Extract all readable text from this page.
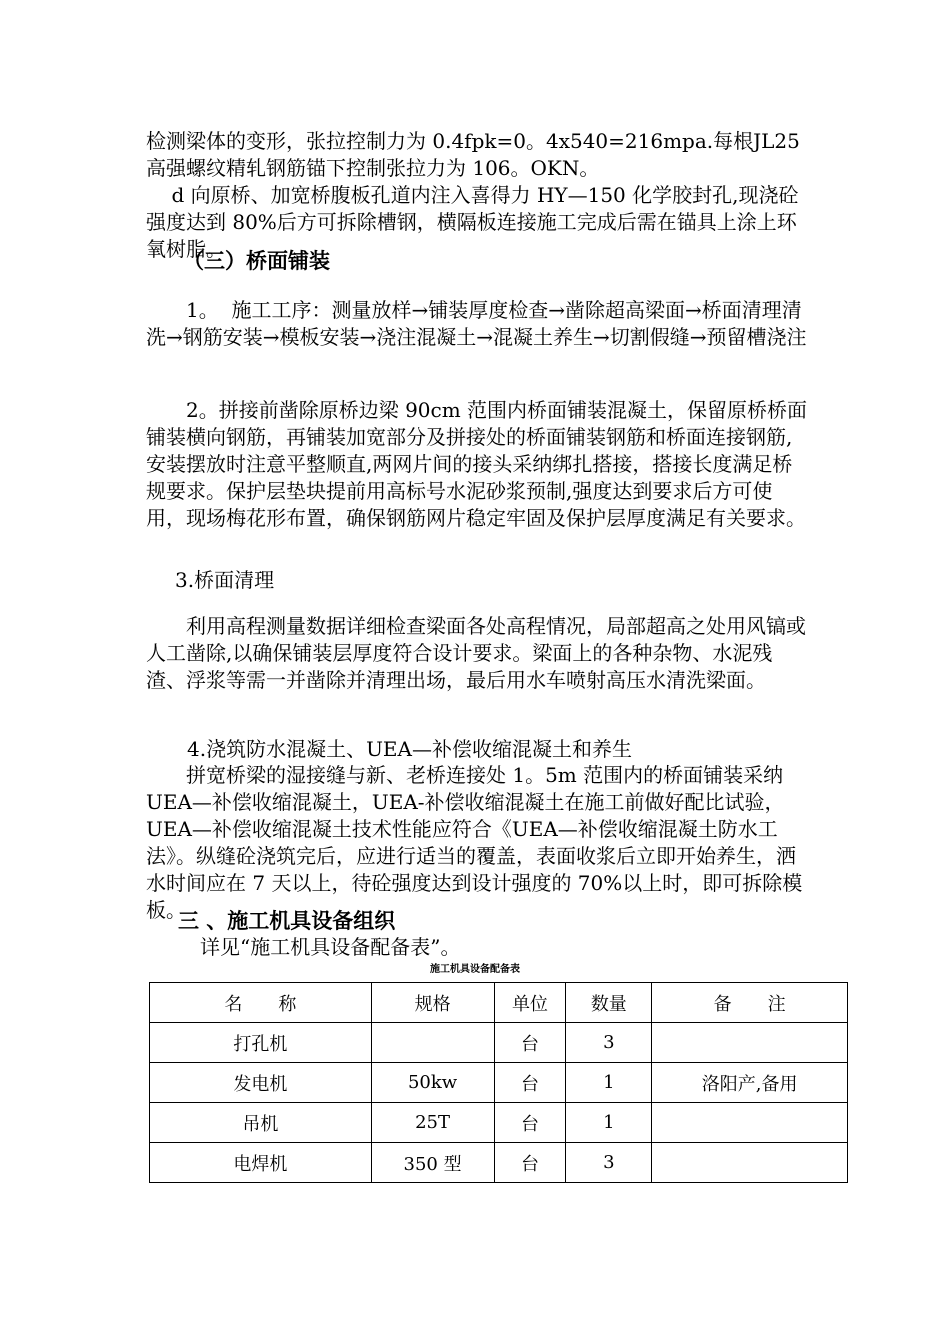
检测梁体的变形，张拉控制力为 0.4fpk=0。4x540=216mpa.每根JL25 高强螺纹精轧钢筋锚下控制张拉力为 106。OKN。

d 向原桥、加宽桥腹板孔道内注入喜得力 HY—150 化学胶封孔,现浇砼强度达到 80%后方可拆除槽钢，横隔板连接施工完成后需在锚具上涂上环氧树脂。

（三）桥面铺装

1。  施工工序：测量放样→铺装厚度检查→凿除超高梁面→桥面清理清洗→钢筋安装→模板安装→浇注混凝土→混凝土养生→切割假缝→预留槽浇注

2。拼接前凿除原桥边梁 90cm 范围内桥面铺装混凝土，保留原桥桥面铺装横向钢筋，再铺装加宽部分及拼接处的桥面铺装钢筋和桥面连接钢筋,安装摆放时注意平整顺直,两网片间的接头采纳绑扎搭接，搭接长度满足桥规要求。保护层垫块提前用高标号水泥砂浆预制,强度达到要求后方可使用，现场梅花形布置，确保钢筋网片稳定牢固及保护层厚度满足有关要求。

3.桥面清理

利用高程测量数据详细检查梁面各处高程情况，局部超高之处用风镐或人工凿除,以确保铺装层厚度符合设计要求。梁面上的各种杂物、水泥残渣、浮浆等需一并凿除并清理出场，最后用水车喷射高压水清洗梁面。

4.浇筑防水混凝土、UEA—补偿收缩混凝土和养生

拼宽桥梁的湿接缝与新、老桥连接处 1。5m 范围内的桥面铺装采纳 UEA—补偿收缩混凝土，UEA-补偿收缩混凝土在施工前做好配比试验，UEA—补偿收缩混凝土技术性能应符合《UEA—补偿收缩混凝土防水工法》。纵缝砼浇筑完后，应进行适当的覆盖，表面收浆后立即开始养生，洒水时间应在 7 天以上，待砼强度达到设计强度的 70%以上时，即可拆除模板。

三 、施工机具设备组织

详见“施工机具设备配备表”。

施工机具设备配备表
名　　称	规格	单位	数量	备　　注
打孔机		台	3	
发电机	50kw	台	1	洛阳产,备用
吊机	25T	台	1	
电焊机	350 型	台	3	
